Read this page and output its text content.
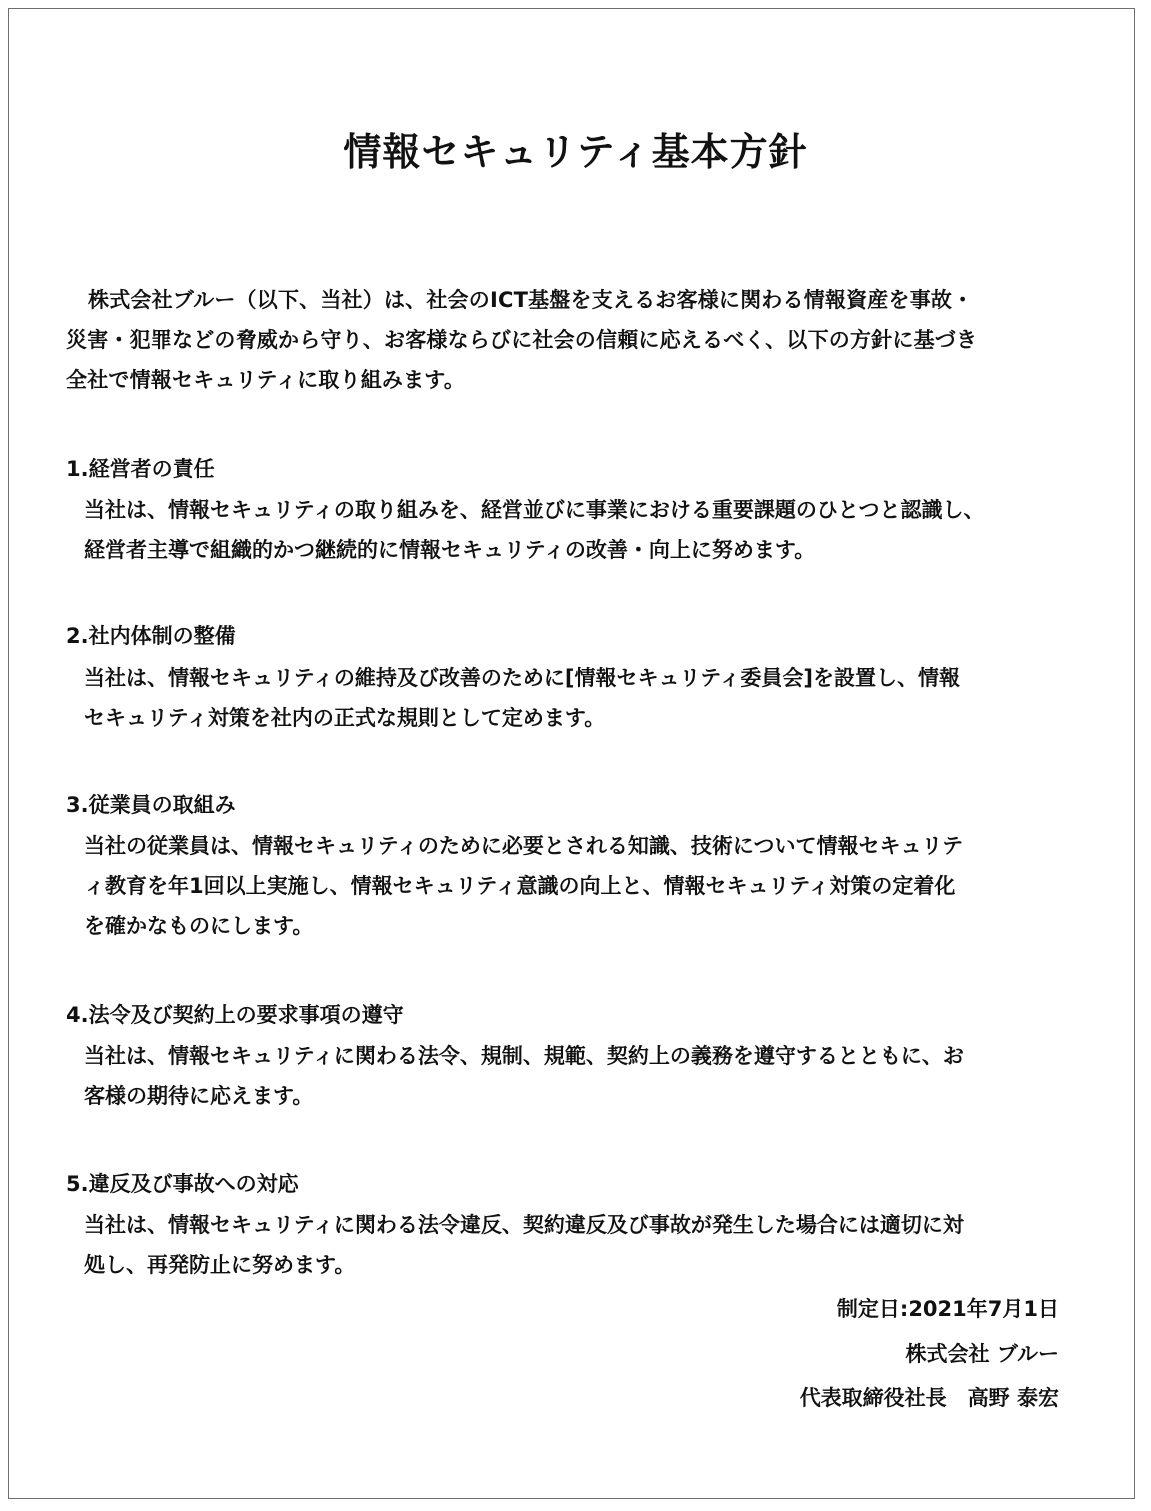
情報セキュリティ基本方針
株式会社ブルー（以下、当社）は、社会のICT基盤を支えるお客様に関わる情報資産を事故・
災害・犯罪などの脅威から守り、お客様ならびに社会の信頼に応えるべく、以下の方針に基づき
全社で情報セキュリティに取り組みます。
1.経営者の責任
当社は、情報セキュリティの取り組みを、経営並びに事業における重要課題のひとつと認識し、
経営者主導で組織的かつ継続的に情報セキュリティの改善・向上に努めます。
2.社内体制の整備
当社は、情報セキュリティの維持及び改善のために[情報セキュリティ委員会]を設置し、情報
セキュリティ対策を社内の正式な規則として定めます。
3.従業員の取組み
当社の従業員は、情報セキュリティのために必要とされる知識、技術について情報セキュリテ
ィ教育を年1回以上実施し、情報セキュリティ意識の向上と、情報セキュリティ対策の定着化
を確かなものにします。
4.法令及び契約上の要求事項の遵守
当社は、情報セキュリティに関わる法令、規制、規範、契約上の義務を遵守するとともに、お
客様の期待に応えます。
5.違反及び事故への対応
当社は、情報セキュリティに関わる法令違反、契約違反及び事故が発生した場合には適切に対
処し、再発防止に努めます。
制定日:2021年7月1日
株式会社 ブルー
代表取締役社長　高野 泰宏
